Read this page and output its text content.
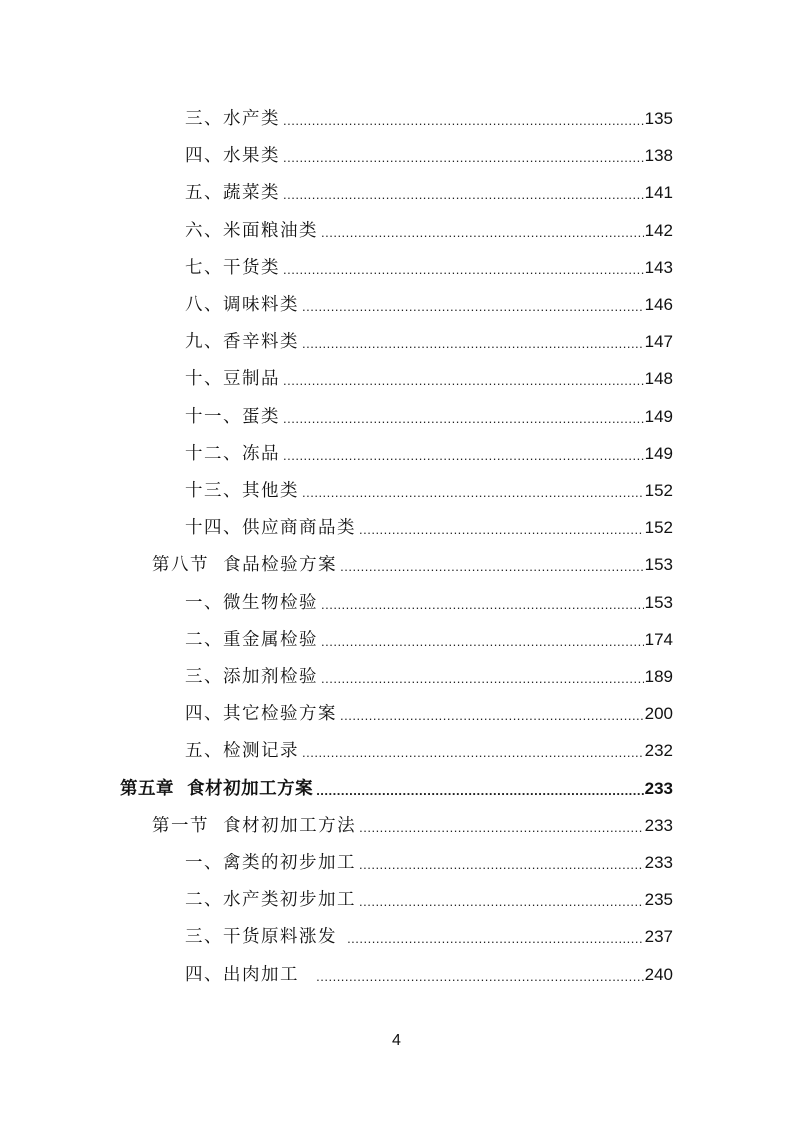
三、水产类 .....	135
四、水果类 .....	138
五、蔬菜类 .....	141
六、米面粮油类 .....	142
七、干货类 .....	143
八、调味料类 .....	146
九、香辛料类 .....	147
十、豆制品 .....	148
十一、蛋类 .....	149
十二、冻品 .....	149
十三、其他类 .....	152
十四、供应商商品类 .....	152
第八节  食品检验方案 .....	153
一、微生物检验 .....	153
二、重金属检验 .....	174
三、添加剂检验 .....	189
四、其它检验方案 .....	200
五、检测记录 .....	232
第五章  食材初加工方案 .....	233
第一节  食材初加工方法 .....	233
一、禽类的初步加工 .....	233
二、水产类初步加工 .....	235
三、干货原料涨发 .....	237
四、出肉加工 .....	240
4
